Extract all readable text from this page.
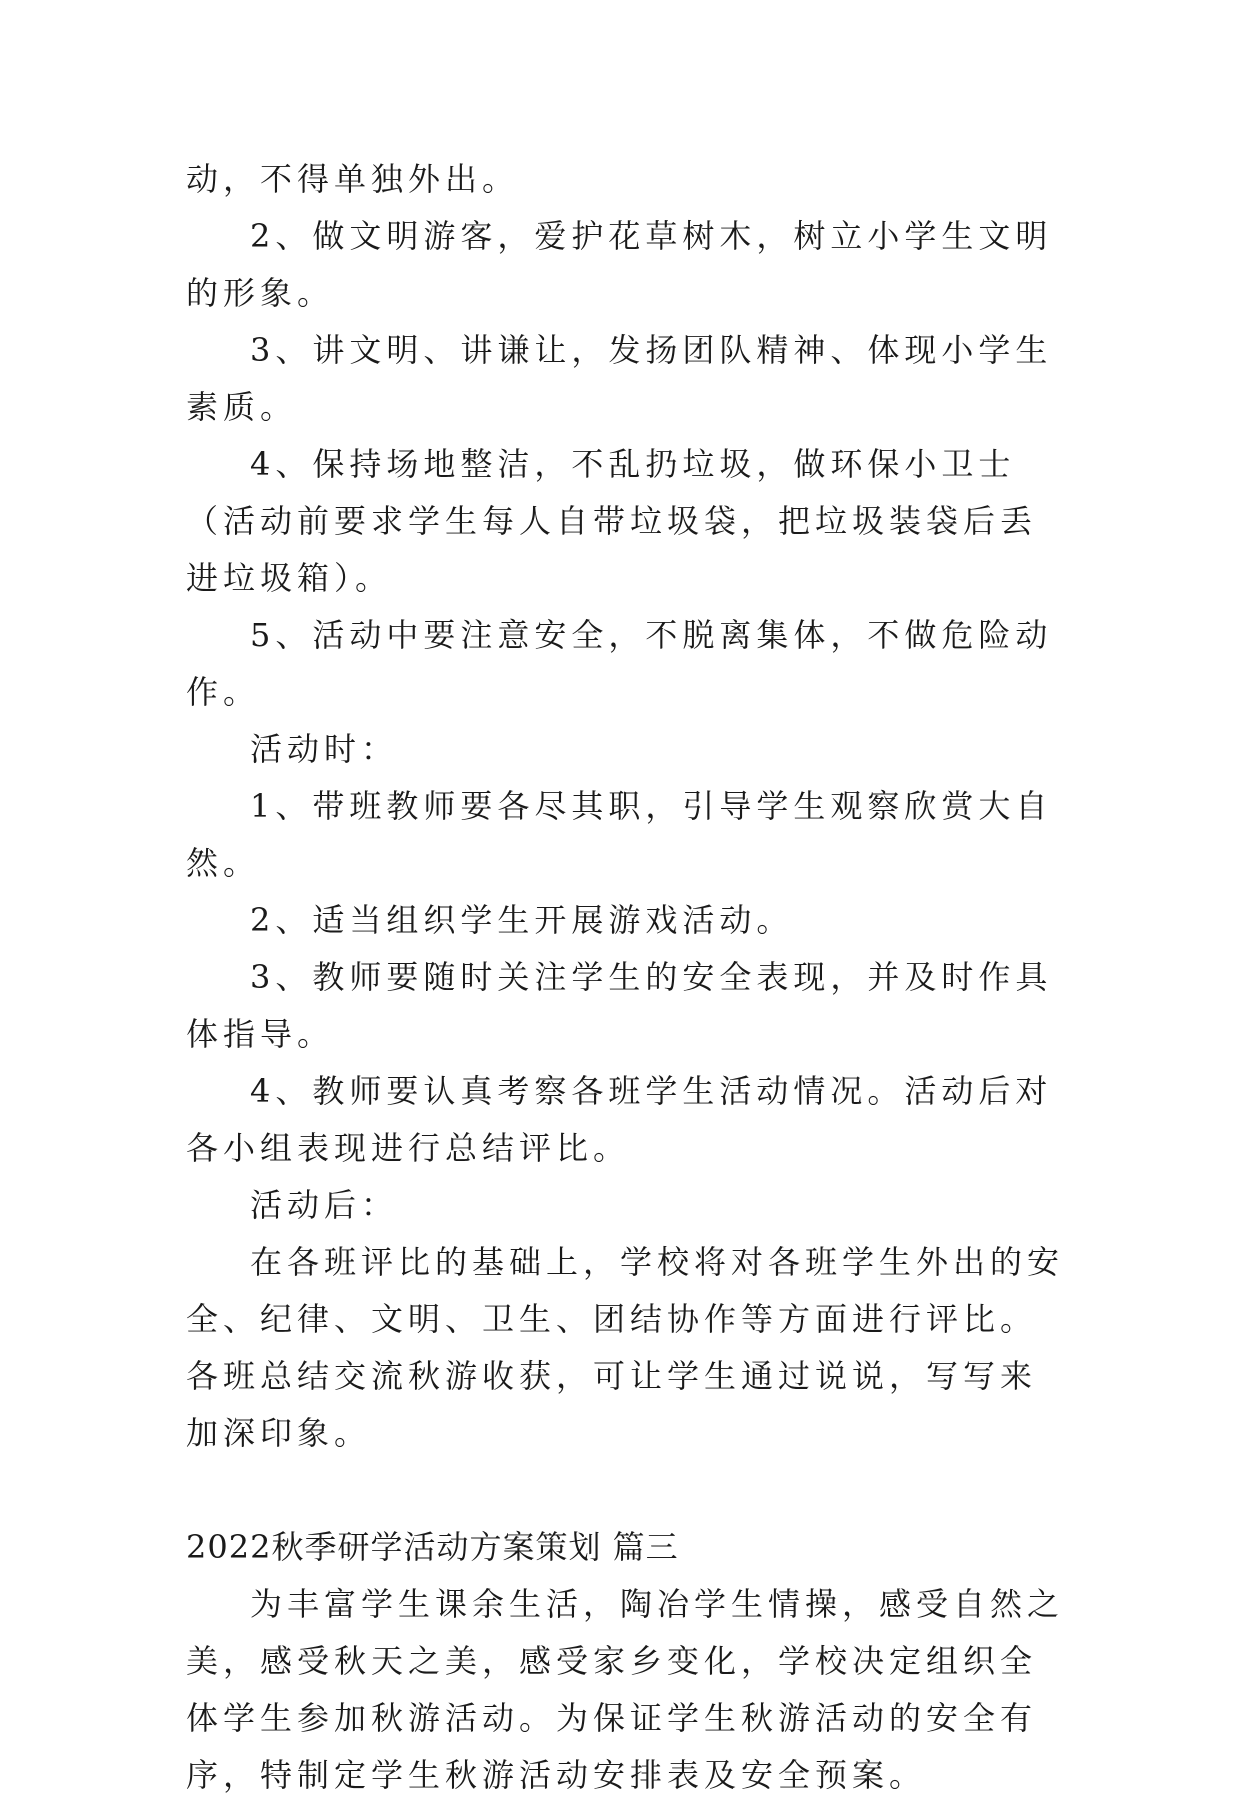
动，不得单独外出。

2、做文明游客，爱护花草树木，树立小学生文明的形象。

3、讲文明、讲谦让，发扬团队精神、体现小学生素质。

4、保持场地整洁，不乱扔垃圾，做环保小卫士（活动前要求学生每人自带垃圾袋，把垃圾装袋后丢进垃圾箱）。

5、活动中要注意安全，不脱离集体，不做危险动作。

活动时：

1、带班教师要各尽其职，引导学生观察欣赏大自然。

2、适当组织学生开展游戏活动。

3、教师要随时关注学生的安全表现，并及时作具体指导。

4、教师要认真考察各班学生活动情况。活动后对各小组表现进行总结评比。

活动后：

在各班评比的基础上，学校将对各班学生外出的安全、纪律、文明、卫生、团结协作等方面进行评比。各班总结交流秋游收获，可让学生通过说说，写写来加深印象。

2022秋季研学活动方案策划 篇三

为丰富学生课余生活，陶冶学生情操，感受自然之美，感受秋天之美，感受家乡变化，学校决定组织全体学生参加秋游活动。为保证学生秋游活动的安全有序，特制定学生秋游活动安排表及安全预案。
